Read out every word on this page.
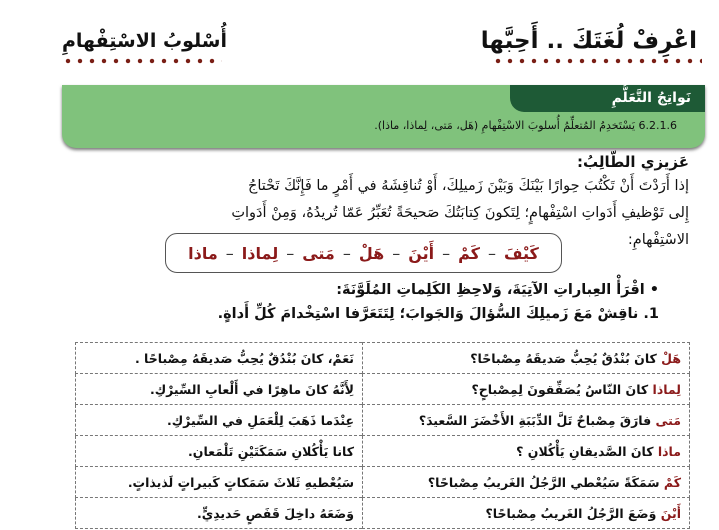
اعْرِفْ لُغَتَكَ .. أَحِبَّها
أُسْلوبُ الاسْتِفْهامِ
نَواتِجُ التَّعَلُّمِ
6.2.1.6 يَسْتَخدِمُ المُتعلِّمُ أُسلوبَ الاسْتِفْهامِ (هَل، مَتى، لِماذا، ماذا).
عَزيزي الطّالِبُ:
إذا أَرَدْتَ أَنْ تَكْتُبَ حِوارًا بَيْنَكَ وَبَيْنَ زَميلِكَ، أَوْ تُناقِشَهُ في أَمْرٍ ما فَإِنَّكَ تَحْتاجُ
إِلى تَوْظيفِ أَدَواتِ اسْتِفْهامٍ؛ لِتَكونَ كِتابَتُكَ صَحيحَةً تُعَبِّرُ عَمّا تُريدُهُ، وَمِنْ أَدَواتِ
الاسْتِفْهامِ:
كَيْفَ
–
كَمْ
–
أَيْنَ
–
هَلْ
–
مَتى
–
لِماذا
–
ماذا
• اقْرَأْ العِباراتِ الآتِيَةَ، وَلاحِظِ الكَلِماتِ المُلَوَّنَةَ:
1. ناقِشْ مَعَ زَميلِكَ السُّؤالَ وَالجَوابَ؛ لِتَتَعَرَّفا اسْتِخْدامَ كُلِّ أَداةٍ.
هَلْ كانَ بُنْدُقٌ يُحِبُّ صَديقَهُ مِصْباحًا؟	نَعَمْ، كانَ بُنْدُقٌ يُحِبُّ صَديقَهُ مِصْباحًا .
لِماذا كانَ النّاسُ يُصَفِّقونَ لِمِصْباحٍ؟	لِأَنَّهُ كانَ ماهِرًا في أَلْعابِ السِّيرْكِ.
مَتى فارَقَ مِصْباحٌ تَلَّ الدِّبَبَةِ الأَخْضَرَ السَّعيدَ؟	عِنْدَما ذَهَبَ لِلْعَمَلِ في السِّيرْكِ.
ماذا كانَ الصَّديقانِ يَأْكُلانِ ؟	كانا يَأْكُلانِ سَمَكَتَيْنِ تَلْمَعانِ.
كَمْ سَمَكَةً سَيُعْطي الرَّجُلُ الغَريبُ مِصْباحًا؟	سَيُعْطيهِ ثَلاثَ سَمَكاتٍ كَبيراتٍ لَذيذاتٍ.
أَيْنَ وَضَعَ الرَّجُلُ الغَريبُ مِصْباحًا؟	وَضَعَهُ داخِلَ قَفَصٍ حَديدِيٍّ.
